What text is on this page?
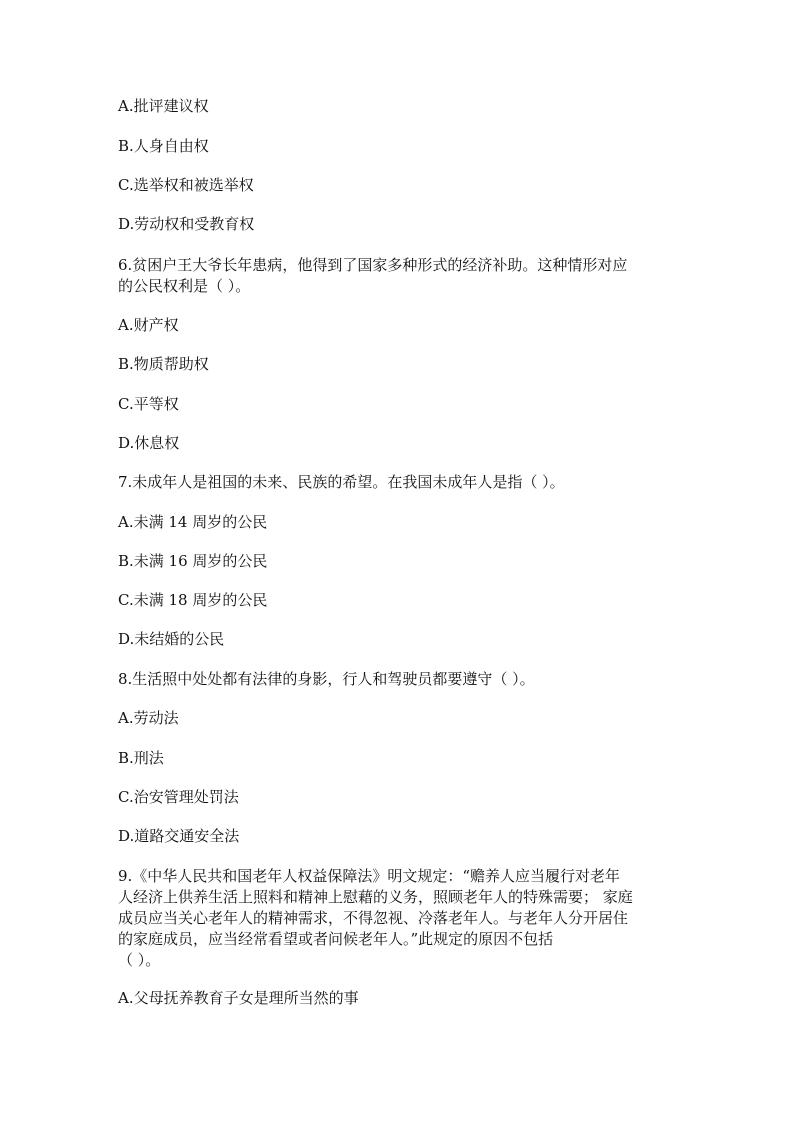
A.批评建议权
B.人身自由权
C.选举权和被选举权
D.劳动权和受教育权
6.贫困户王大爷长年患病，他得到了国家多种形式的经济补助。这种情形对应
的公民权利是（ ）。
A.财产权
B.物质帮助权
C.平等权
D.休息权
7.未成年人是祖国的未来、民族的希望。在我国未成年人是指（ ）。
A.未满 14 周岁的公民
B.未满 16 周岁的公民
C.未满 18 周岁的公民
D.未结婚的公民
8.生活照中处处都有法律的身影，行人和驾驶员都要遵守（ ）。
A.劳动法
B.刑法
C.治安管理处罚法
D.道路交通安全法
9.《中华人民共和国老年人权益保障法》明文规定：“赡养人应当履行对老年
人经济上供养生活上照料和精神上慰藉的义务，照顾老年人的特殊需要； 家庭
成员应当关心老年人的精神需求，不得忽视、冷落老年人。与老年人分开居住
的家庭成员，应当经常看望或者问候老年人。”此规定的原因不包括
（ ）。
A.父母抚养教育子女是理所当然的事
